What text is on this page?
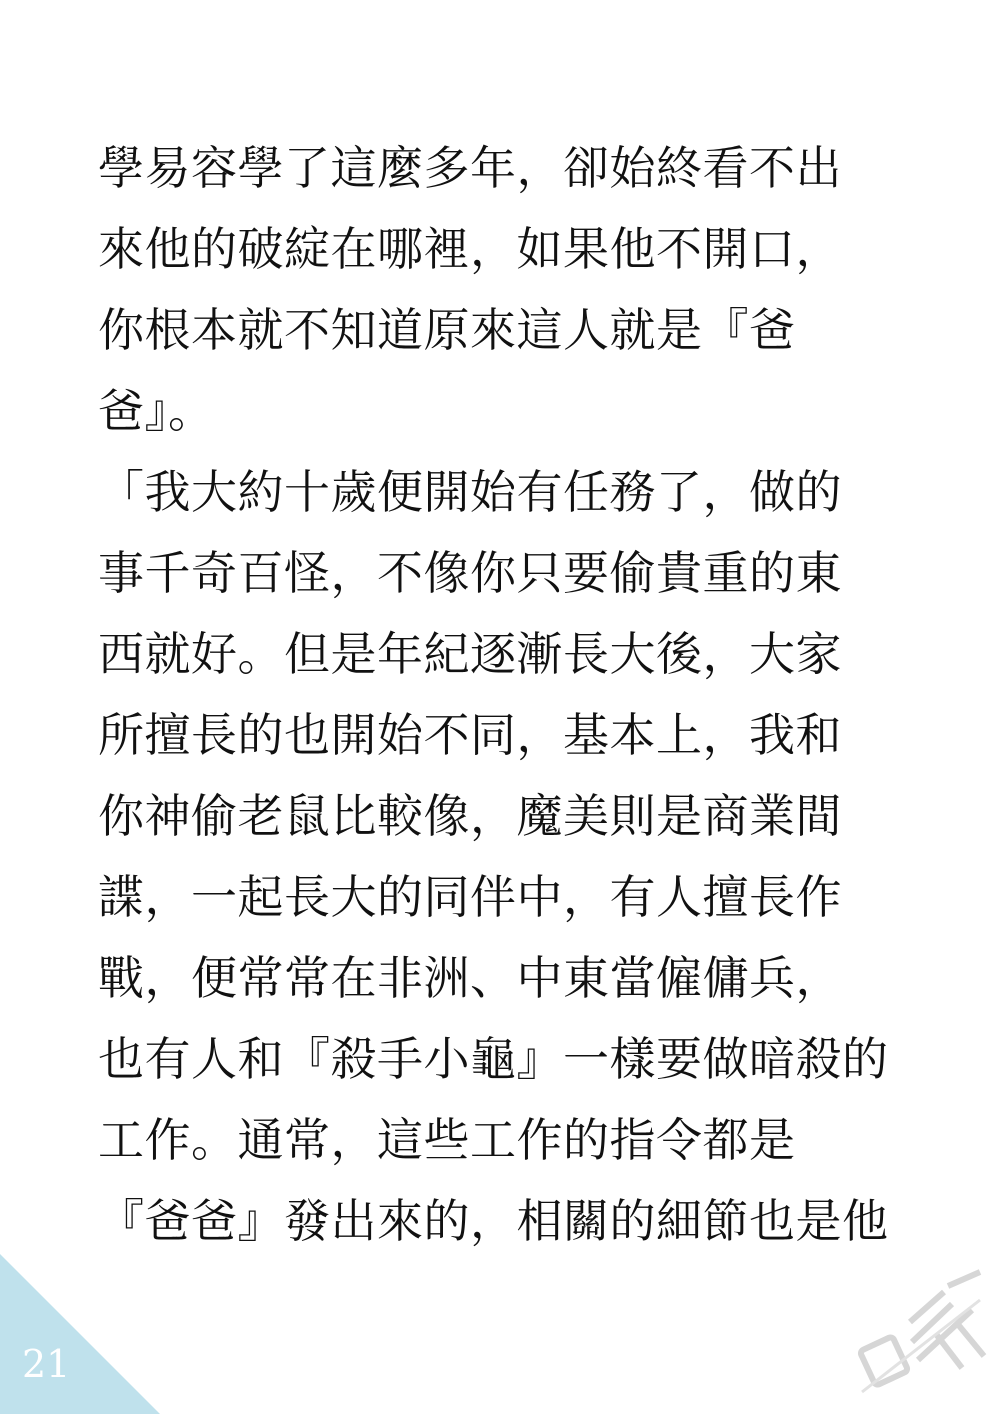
學易容學了這麼多年，卻始終看不出
來他的破綻在哪裡，如果他不開口，
你根本就不知道原來這人就是『爸
爸』。
「我大約十歲便開始有任務了，做的
事千奇百怪，不像你只要偷貴重的東
西就好。但是年紀逐漸長大後，大家
所擅長的也開始不同，基本上，我和
你神偷老鼠比較像，魔美則是商業間
諜，一起長大的同伴中，有人擅長作
戰，便常常在非洲、中東當僱傭兵，
也有人和『殺手小龜』一樣要做暗殺的
工作。通常，這些工作的指令都是
『爸爸』發出來的，相關的細節也是他
21
